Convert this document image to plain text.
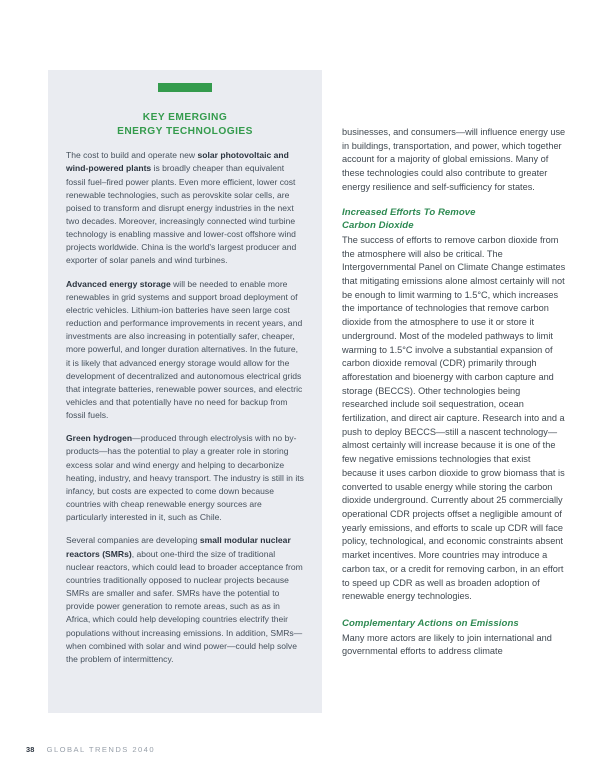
KEY EMERGING
ENERGY TECHNOLOGIES

The cost to build and operate new solar photovoltaic and wind-powered plants is broadly cheaper than equivalent fossil fuel–fired power plants. Even more efficient, lower cost renewable technologies, such as perovskite solar cells, are poised to transform and disrupt energy industries in the next two decades. Moreover, increasingly connected wind turbine technology is enabling massive and lower-cost offshore wind projects worldwide. China is the world's largest producer and exporter of solar panels and wind turbines.

Advanced energy storage will be needed to enable more renewables in grid systems and support broad deployment of electric vehicles. Lithium-ion batteries have seen large cost reduction and performance improvements in recent years, and investments are also increasing in potentially safer, cheaper, more powerful, and longer duration alternatives. In the future, it is likely that advanced energy storage would allow for the development of decentralized and autonomous electrical grids that integrate batteries, renewable power sources, and electric vehicles and that potentially have no need for backup from fossil fuels.

Green hydrogen—produced through electrolysis with no by-products—has the potential to play a greater role in storing excess solar and wind energy and helping to decarbonize heating, industry, and heavy transport. The industry is still in its infancy, but costs are expected to come down because countries with cheap renewable energy sources are particularly interested in it, such as Chile.

Several companies are developing small modular nuclear reactors (SMRs), about one-third the size of traditional nuclear reactors, which could lead to broader acceptance from countries traditionally opposed to nuclear projects because SMRs are smaller and safer. SMRs have the potential to provide power generation to remote areas, such as as in Africa, which could help developing countries electrify their populations without increasing emissions. In addition, SMRs—when combined with solar and wind power—could help solve the problem of intermittency.

businesses, and consumers—will influence energy use in buildings, transportation, and power, which together account for a majority of global emissions. Many of these technologies could also contribute to greater energy resilience and self-sufficiency for states.

Increased Efforts To Remove
Carbon Dioxide

The success of efforts to remove carbon dioxide from the atmosphere will also be critical. The Intergovernmental Panel on Climate Change estimates that mitigating emissions alone almost certainly will not be enough to limit warming to 1.5°C, which increases the importance of technologies that remove carbon dioxide from the atmosphere to use it or store it underground. Most of the modeled pathways to limit warming to 1.5°C involve a substantial expansion of carbon dioxide removal (CDR) primarily through afforestation and bioenergy with carbon capture and storage (BECCS). Other technologies being researched include soil sequestration, ocean fertilization, and direct air capture. Research into and a push to deploy BECCS—still a nascent technology—almost certainly will increase because it is one of the few negative emissions technologies that exist because it uses carbon dioxide to grow biomass that is converted to usable energy while storing the carbon dioxide underground. Currently about 25 commercially operational CDR projects offset a negligible amount of yearly emissions, and efforts to scale up CDR will face policy, technological, and economic constraints absent market incentives. More countries may introduce a carbon tax, or a credit for removing carbon, in an effort to speed up CDR as well as broaden adoption of renewable energy technologies.

Complementary Actions on Emissions

Many more actors are likely to join international and governmental efforts to address climate

38 GLOBAL TRENDS 2040
